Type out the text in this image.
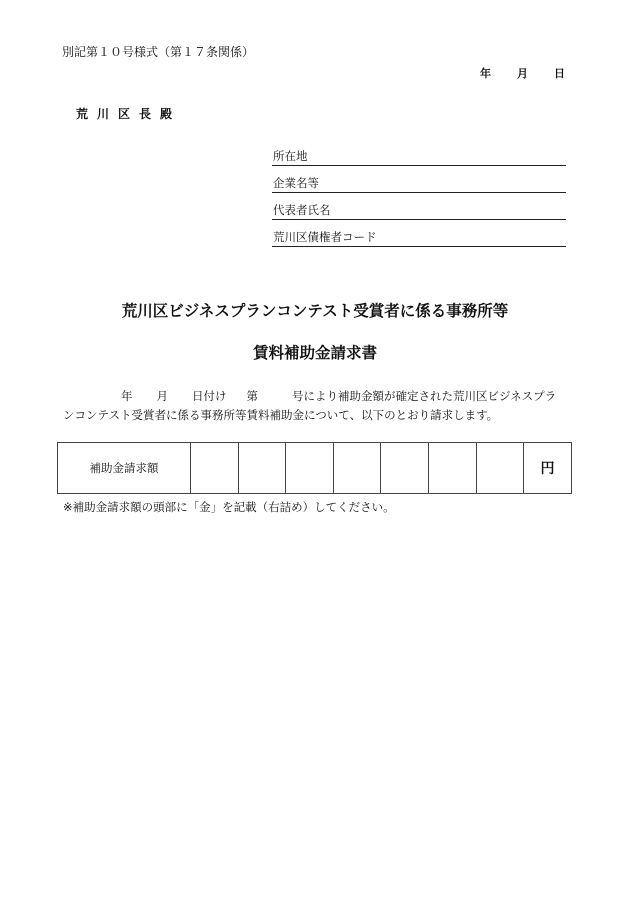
別記第１０号様式（第１７条関係）
年 月 日
荒川区長殿
所在地
企業名等
代表者氏名
荒川区債権者コード
荒川区ビジネスプランコンテスト受賞者に係る事務所等
賃料補助金請求書
年 月 日付け 第	号により補助金額が確定された荒川区ビジネスプラ
ンコンテスト受賞者に係る事務所等賃料補助金について、以下のとおり請求します。
補助金請求額								円
※補助金請求額の頭部に「金」を記載（右詰め）してください。
